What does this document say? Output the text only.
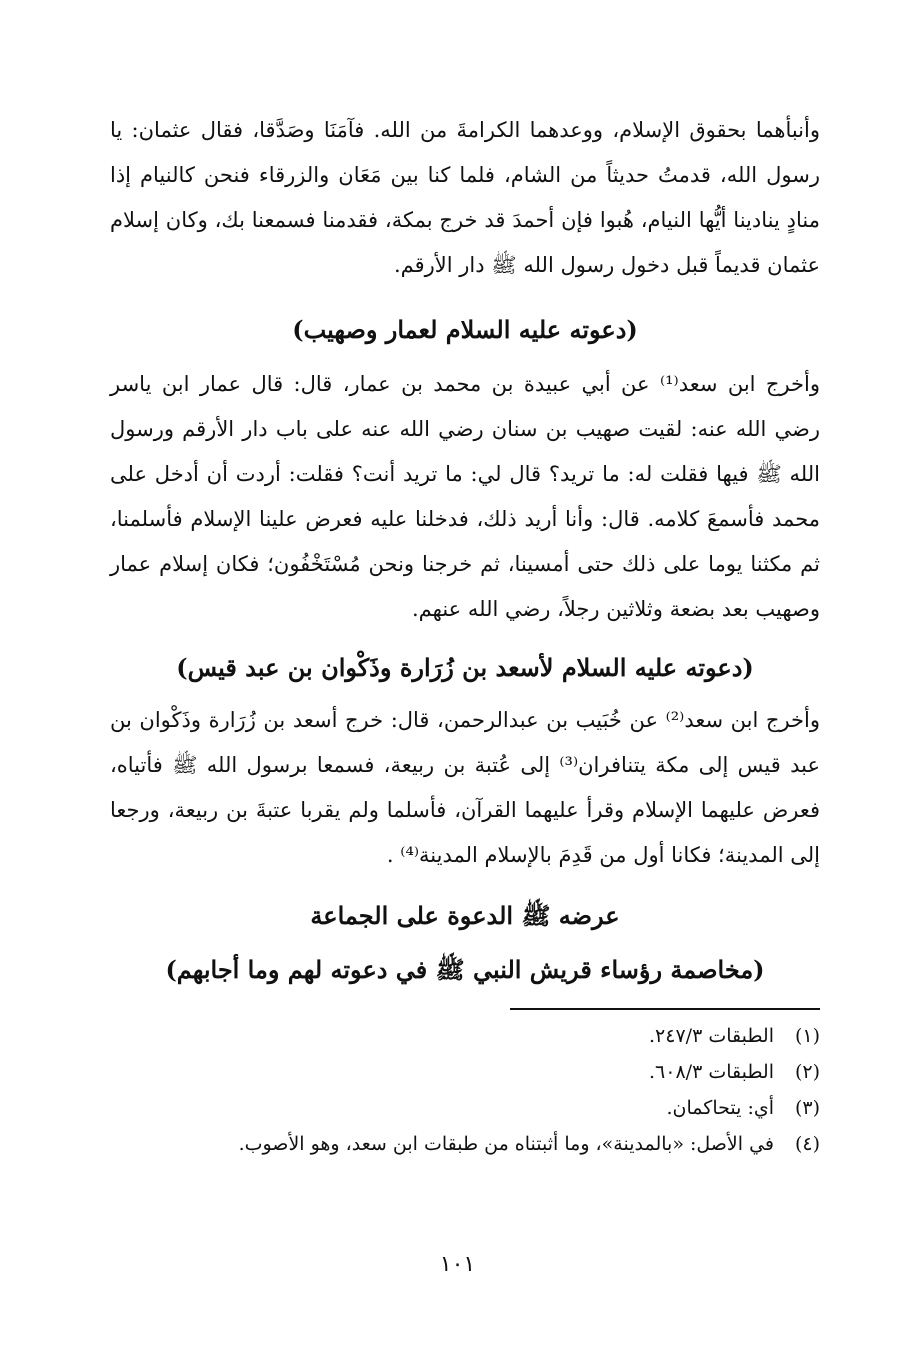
وأنبأهما بحقوق الإسلام، ووعدهما الكرامةَ من الله. فآمَنَا وصَدَّقا، فقال عثمان: يا رسول الله، قدمتُ حديثاً من الشام، فلما كنا بين مَعَان والزرقاء فنحن كالنيام إذا منادٍ ينادينا أيُّها النيام، هُبوا فإن أحمدَ قد خرج بمكة، فقدمنا فسمعنا بك، وكان إسلام عثمان قديماً قبل دخول رسول الله ﷺ دار الأرقم.

(دعوته عليه السلام لعمار وصهيب)

وأخرج ابن سعد⁽¹⁾ عن أبي عبيدة بن محمد بن عمار، قال: قال عمار ابن ياسر رضي الله عنه: لقيت صهيب بن سنان رضي الله عنه على باب دار الأرقم ورسول الله ﷺ فيها فقلت له: ما تريد؟ قال لي: ما تريد أنت؟ فقلت: أردت أن أدخل على محمد فأسمعَ كلامه. قال: وأنا أريد ذلك، فدخلنا عليه فعرض علينا الإسلام فأسلمنا، ثم مكثنا يوما على ذلك حتى أمسينا، ثم خرجنا ونحن مُسْتَخْفُون؛ فكان إسلام عمار وصهيب بعد بضعة وثلاثين رجلاً، رضي الله عنهم.

(دعوته عليه السلام لأسعد بن زُرَارة وذَكْوان بن عبد قيس)

وأخرج ابن سعد⁽²⁾ عن خُبَيب بن عبدالرحمن، قال: خرج أسعد بن زُرَارة وذَكْوان بن عبد قيس إلى مكة يتنافران⁽³⁾ إلى عُتبة بن ربيعة، فسمعا برسول الله ﷺ فأتياه، فعرض عليهما الإسلام وقرأ عليهما القرآن، فأسلما ولم يقربا عتبةَ بن ربيعة، ورجعا إلى المدينة؛ فكانا أول من قَدِمَ بالإسلام المدينة⁽⁴⁾ .

عرضه ﷺ الدعوة على الجماعة
(مخاصمة رؤساء قريش النبي ﷺ في دعوته لهم وما أجابهم)
(١)
الطبقات ٢٤٧/٣.
(٢)
الطبقات ٦٠٨/٣.
(٣)
أي: يتحاكمان.
(٤)
في الأصل: «بالمدينة»، وما أثبتناه من طبقات ابن سعد، وهو الأصوب.
١٠١
